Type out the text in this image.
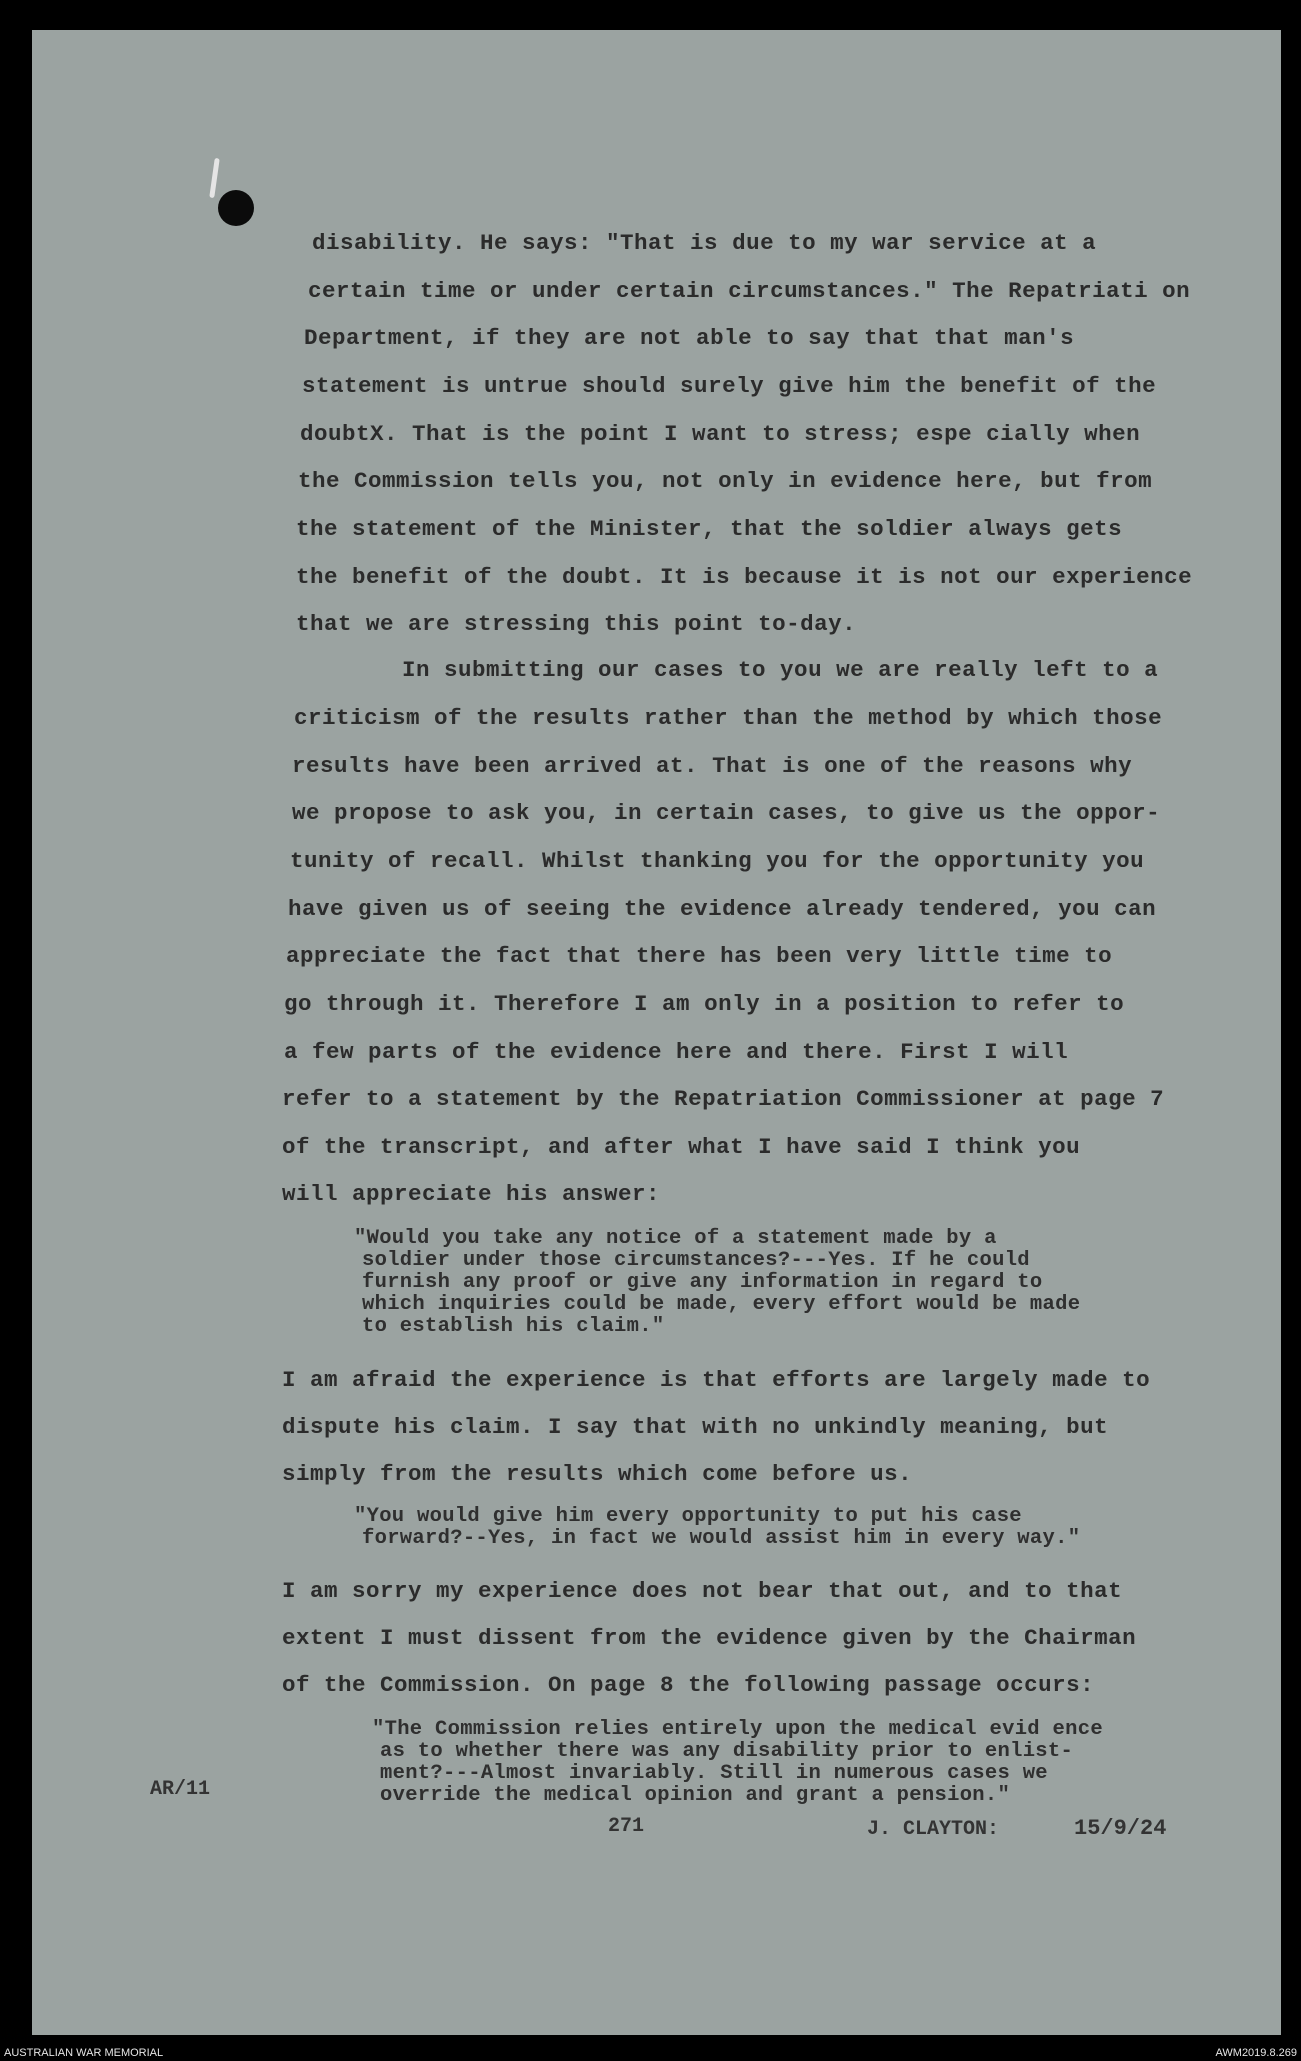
disability. He says: "That is due to my war service at a
certain time or under certain circumstances." The Repatriati on
Department, if they are not able to say that that man's
statement is untrue should surely give him the benefit of the
doubtX. That is the point I want to stress; espe cially when
the Commission tells you, not only in evidence here, but from
the statement of the Minister, that the soldier always gets
the benefit of the doubt. It is because it is not our experience
that we are stressing this point to-day.
In submitting our cases to you we are really left to a
criticism of the results rather than the method by which those
results have been arrived at. That is one of the reasons why
we propose to ask you, in certain cases, to give us the oppor-
tunity of recall. Whilst thanking you for the opportunity you
have given us of seeing the evidence already tendered, you can
appreciate the fact that there has been very little time to
go through it. Therefore I am only in a position to refer to
a few parts of the evidence here and there. First I will
refer to a statement by the Repatriation Commissioner at page 7
of the transcript, and after what I have said I think you
will appreciate his answer:
"Would you take any notice of a statement made by a
soldier under those circumstances?---Yes. If he could
furnish any proof or give any information in regard to
which inquiries could be made, every effort would be made
to establish his claim."
I am afraid the experience is that efforts are largely made to
dispute his claim. I say that with no unkindly meaning, but
simply from the results which come before us.
"You would give him every opportunity to put his case
forward?--Yes, in fact we would assist him in every way."
I am sorry my experience does not bear that out, and to that
extent I must dissent from the evidence given by the Chairman
of the Commission. On page 8 the following passage occurs:
"The Commission relies entirely upon the medical evid ence
as to whether there was any disability prior to enlist-
ment?---Almost invariably. Still in numerous cases we
override the medical opinion and grant a pension."
AR/11
271	J. CLAYTON:	15/9/24
AUSTRALIAN WAR MEMORIAL	AWM2019.8.269
